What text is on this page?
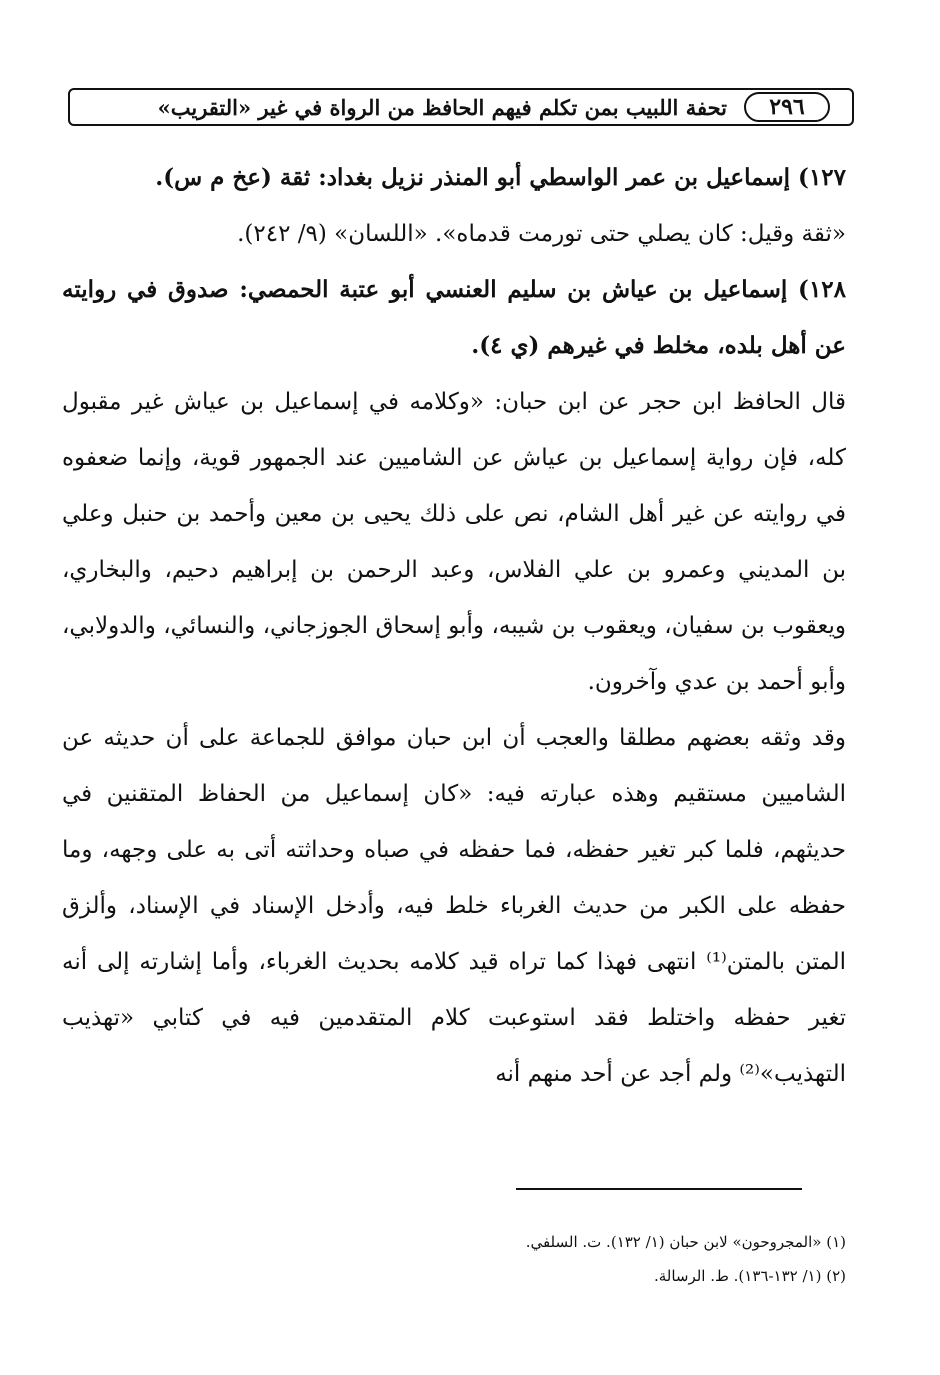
٢٩٦
تحفة اللبيب بمن تكلم فيهم الحافظ من الرواة في غير «التقريب»

١٢٧) إسماعيل بن عمر الواسطي أبو المنذر نزيل بغداد: ثقة (عخ م س).

«ثقة وقيل: كان يصلي حتى تورمت قدماه». «اللسان» (٩/ ٢٤٢).

١٢٨) إسماعيل بن عياش بن سليم العنسي أبو عتبة الحمصي: صدوق في روايته عن أهل بلده، مخلط في غيرهم (ي ٤).

قال الحافظ ابن حجر عن ابن حبان: «وكلامه في إسماعيل بن عياش غير مقبول كله، فإن رواية إسماعيل بن عياش عن الشاميين عند الجمهور قوية، وإنما ضعفوه في روايته عن غير أهل الشام، نص على ذلك يحيى بن معين وأحمد بن حنبل وعلي بن المديني وعمرو بن علي الفلاس، وعبد الرحمن بن إبراهيم دحيم، والبخاري، ويعقوب بن سفيان، ويعقوب بن شيبه، وأبو إسحاق الجوزجاني، والنسائي، والدولابي، وأبو أحمد بن عدي وآخرون.

وقد وثقه بعضهم مطلقا والعجب أن ابن حبان موافق للجماعة على أن حديثه عن الشاميين مستقيم وهذه عبارته فيه: «كان إسماعيل من الحفاظ المتقنين في حديثهم، فلما كبر تغير حفظه، فما حفظه في صباه وحداثته أتى به على وجهه، وما حفظه على الكبر من حديث الغرباء خلط فيه، وأدخل الإسناد في الإسناد، وألزق المتن بالمتن⁽¹⁾ انتهى فهذا كما تراه قيد كلامه بحديث الغرباء، وأما إشارته إلى أنه تغير حفظه واختلط فقد استوعبت كلام المتقدمين فيه في كتابي «تهذيب التهذيب»⁽²⁾ ولم أجد عن أحد منهم أنه

(١) «المجروحون» لابن حبان (١/ ١٣٢). ت. السلفي.
(٢) (١/ ١٣٢-١٣٦). ط. الرسالة.
